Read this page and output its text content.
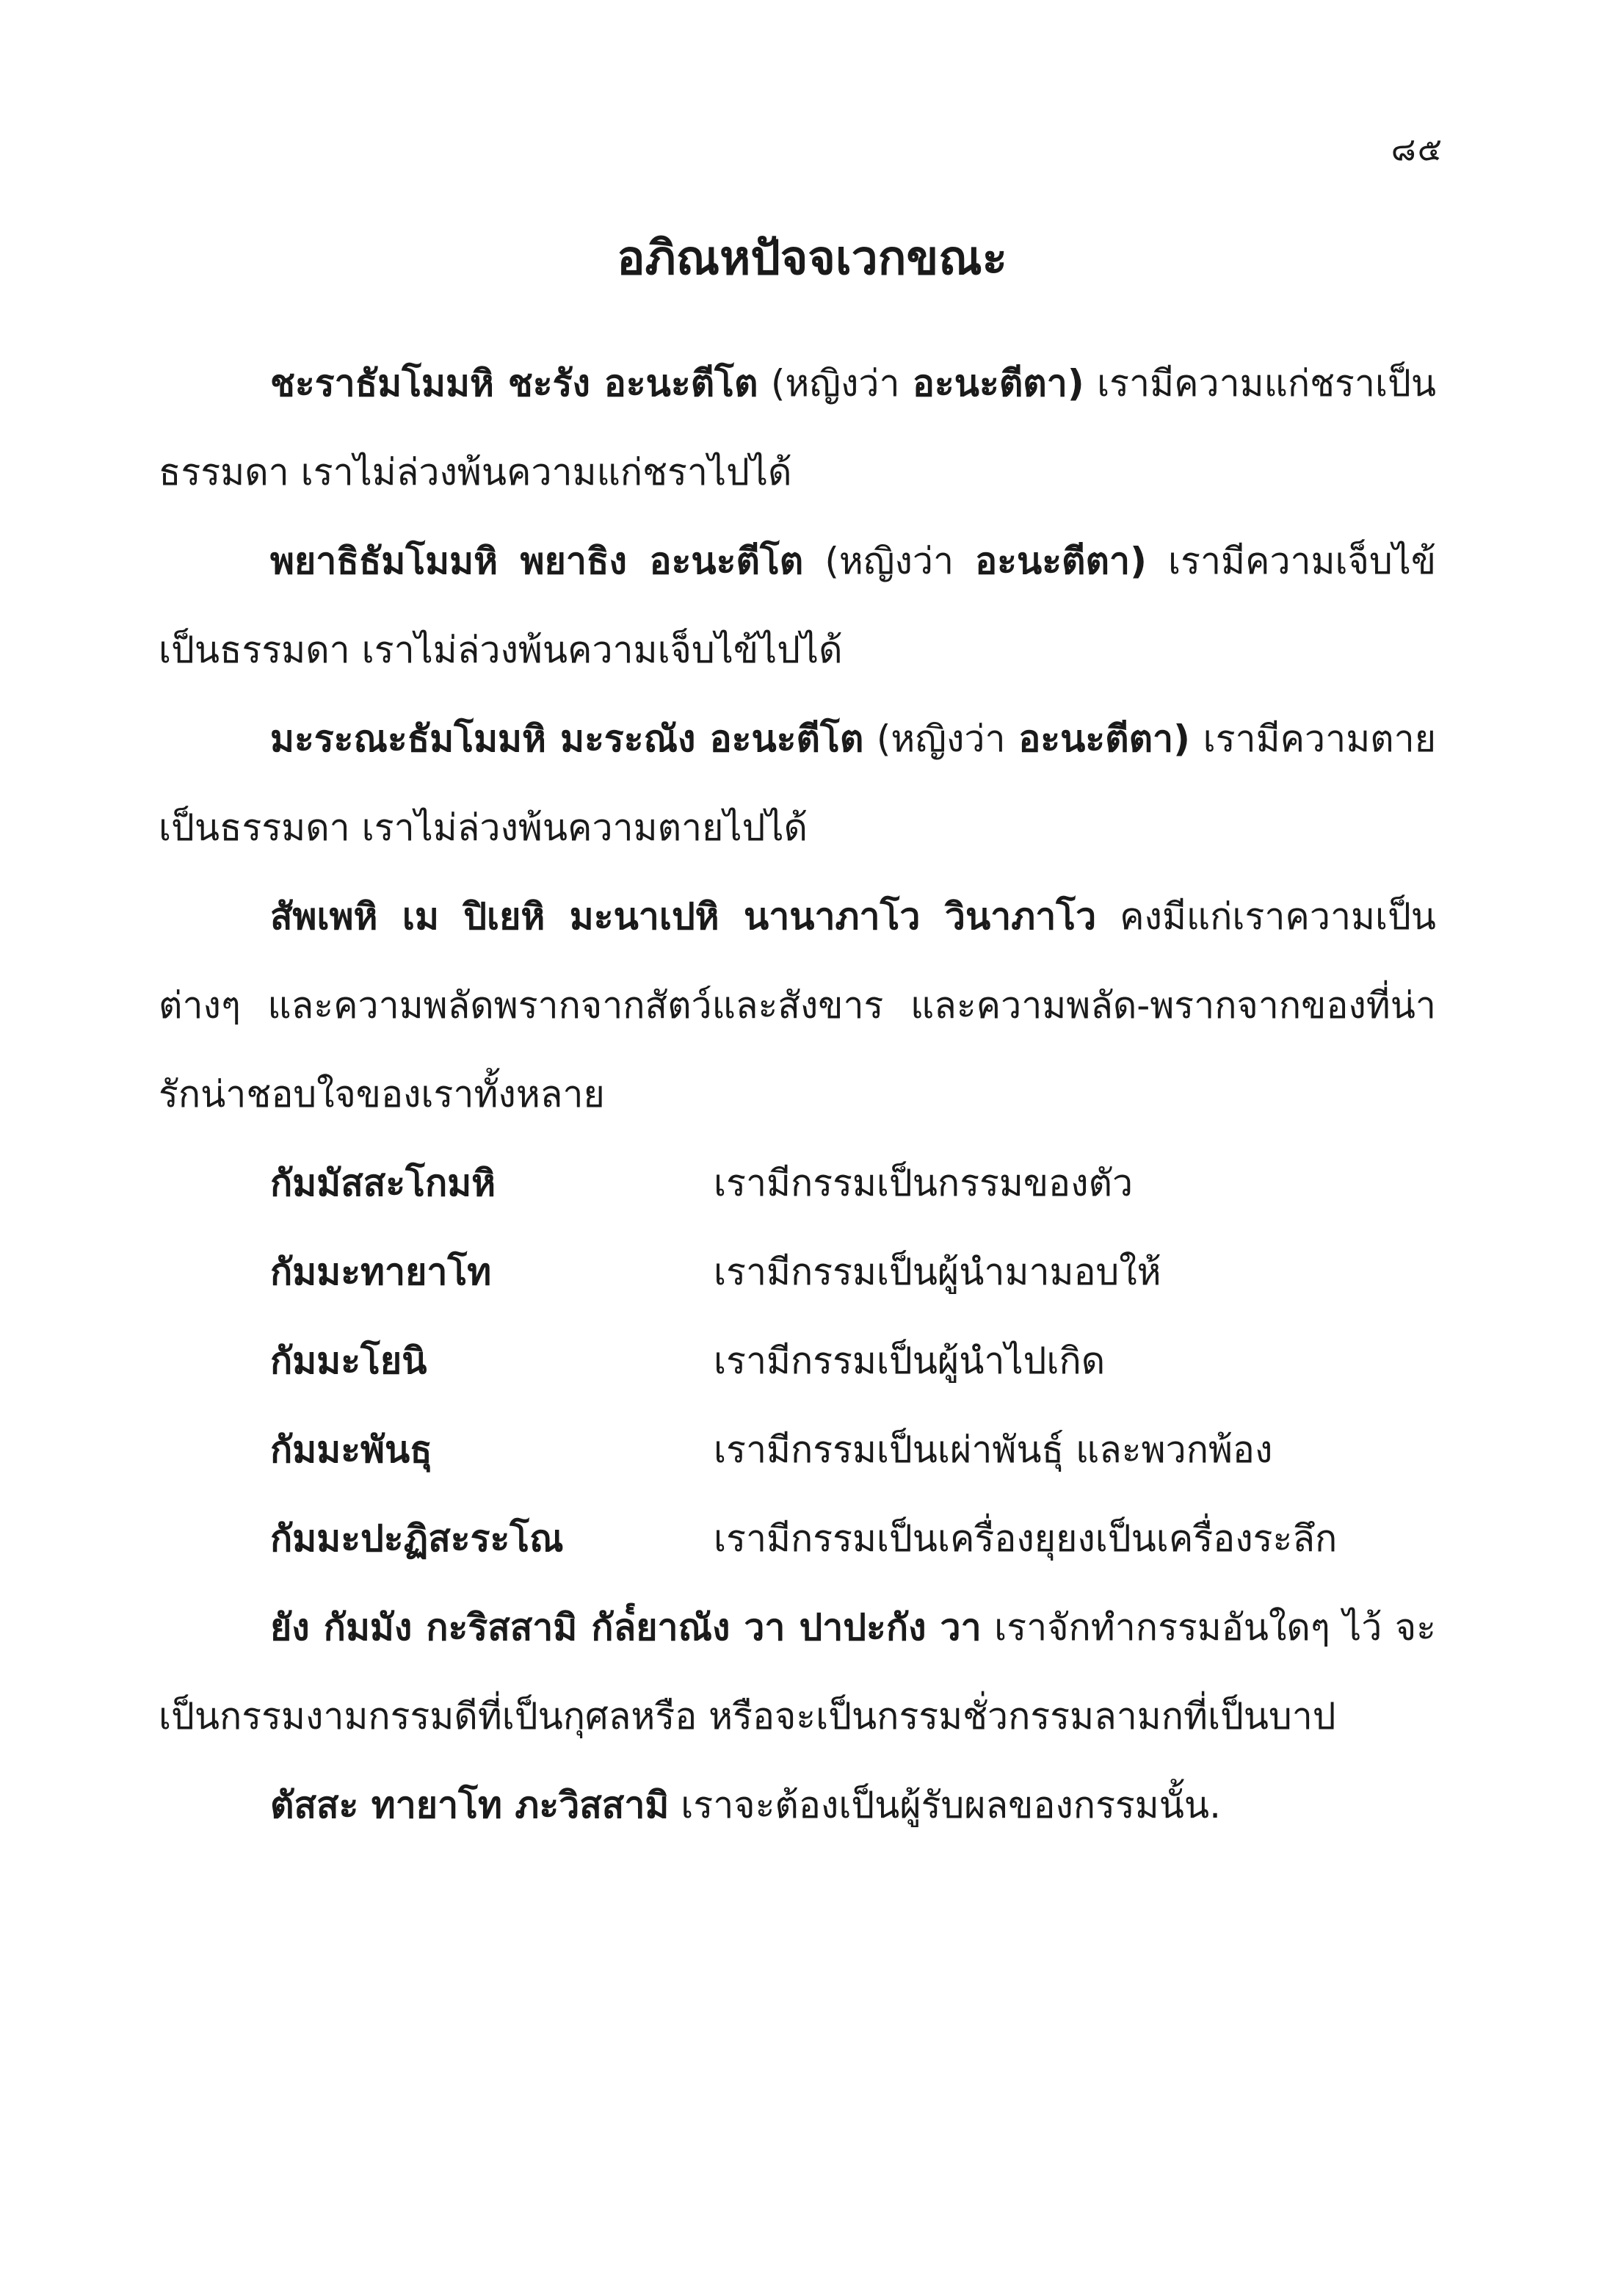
๘๕
อภิณหปัจจเวกขณะ

ชะราธัมโมมหิ ชะรัง อะนะตีโต (หญิงว่า อะนะตีตา) เรามีความแก่ชราเป็นธรรมดา เราไม่ล่วงพ้นความแก่ชราไปได้

พยาธิธัมโมมหิ พยาธิง อะนะตีโต (หญิงว่า อะนะตีตา) เรามีความเจ็บไข้เป็นธรรมดา เราไม่ล่วงพ้นความเจ็บไข้ไปได้

มะระณะธัมโมมหิ มะระณัง อะนะตีโต (หญิงว่า อะนะตีตา) เรามีความตายเป็นธรรมดา เราไม่ล่วงพ้นความตายไปได้

สัพเพหิ เม ปิเยหิ มะนาเปหิ นานาภาโว วินาภาโว คงมีแก่เราความเป็นต่างๆ และความพลัดพรากจากสัตว์และสังขาร และความพลัด-พรากจากของที่น่ารักน่าชอบใจของเราทั้งหลาย

กัมมัสสะโกมหิ	เรามีกรรมเป็นกรรมของตัว
กัมมะทายาโท	เรามีกรรมเป็นผู้นำมามอบให้
กัมมะโยนิ	เรามีกรรมเป็นผู้นำไปเกิด
กัมมะพันธุ	เรามีกรรมเป็นเผ่าพันธุ์ และพวกพ้อง
กัมมะปะฏิสะระโณ	เรามีกรรมเป็นเครื่องยุยงเป็นเครื่องระลึก

ยัง กัมมัง กะริสสามิ กัล๎ยาณัง วา ปาปะกัง วา เราจักทำกรรมอันใดๆ ไว้ จะเป็นกรรมงามกรรมดีที่เป็นกุศลหรือ หรือจะเป็นกรรมชั่วกรรมลามกที่เป็นบาป

ตัสสะ ทายาโท ภะวิสสามิ เราจะต้องเป็นผู้รับผลของกรรมนั้น.
